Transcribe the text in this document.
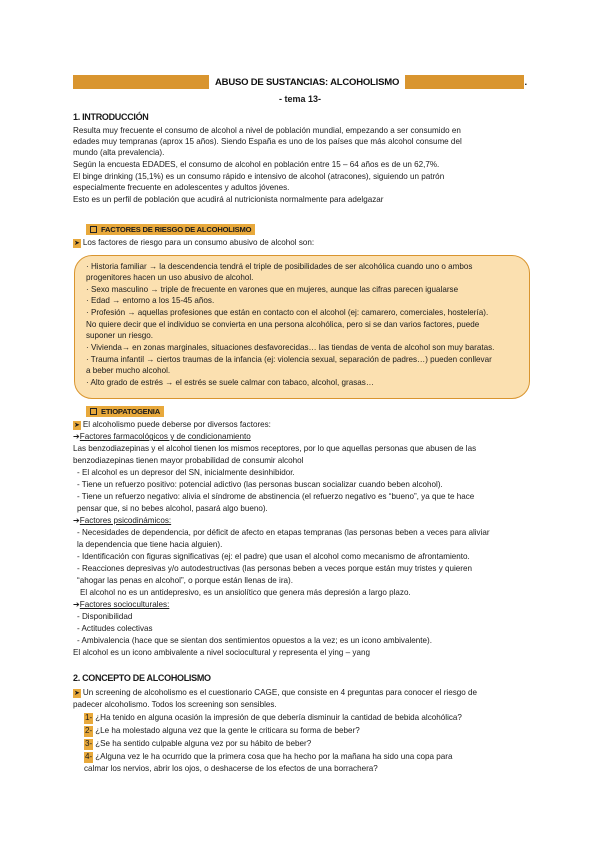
ABUSO DE SUSTANCIAS: ALCOHOLISMO	.
- tema 13-
1. INTRODUCCIÓN
Resulta muy frecuente el consumo de alcohol a nivel de población mundial, empezando a ser consumido en
edades muy tempranas (aprox 15 años). Siendo España es uno de los países que más alcohol consume del
mundo (alta prevalencia).
Según la encuesta EDADES, el consumo de alcohol en población entre 15 – 64 años es de un 62,7%.
El binge drinking (15,1%) es un consumo rápido e intensivo de alcohol (atracones), siguiendo un patrón
especialmente frecuente en adolescentes y adultos jóvenes.
Esto es un perfil de población que acudirá al nutricionista normalmente para adelgazar
FACTORES DE RIESGO DE ALCOHOLISMO
➤ Los factores de riesgo para un consumo abusivo de alcohol son:
· Historia familiar → la descendencia tendrá el triple de posibilidades de ser alcohólica cuando uno o ambos
progenitores hacen un uso abusivo de alcohol.
· Sexo masculino → triple de frecuente en varones que en mujeres, aunque las cifras parecen igualarse
· Edad → entorno a los 15-45 años.
· Profesión → aquellas profesiones que están en contacto con el alcohol (ej: camarero, comerciales, hostelería).
No quiere decir que el individuo se convierta en una persona alcohólica, pero si se dan varios factores, puede
suponer un riesgo.
· Vivienda→ en zonas marginales, situaciones desfavorecidas… las tiendas de venta de alcohol son muy baratas.
· Trauma infantil → ciertos traumas de la infancia (ej: violencia sexual, separación de padres…) pueden conllevar
a beber mucho alcohol.
· Alto grado de estrés → el estrés se suele calmar con tabaco, alcohol, grasas…
ETIOPATOGENIA
➤ El alcoholismo puede deberse por diversos factores:
➔Factores farmacológicos y de condicionamiento
Las benzodiazepinas y el alcohol tienen los mismos receptores, por lo que aquellas personas que abusen de las
benzodiazepinas tienen mayor probabilidad de consumir alcohol
- El alcohol es un depresor del SN, inicialmente desinhibidor.
- Tiene un refuerzo positivo: potencial adictivo (las personas buscan socializar cuando beben alcohol).
- Tiene un refuerzo negativo: alivia el síndrome de abstinencia (el refuerzo negativo es “bueno”, ya que te hace
pensar que, si no bebes alcohol, pasará algo bueno).
➔Factores psicodinámicos:
- Necesidades de dependencia, por déficit de afecto en etapas tempranas (las personas beben a veces para aliviar
la dependencia que tiene hacia alguien).
- Identificación con figuras significativas (ej: el padre) que usan el alcohol como mecanismo de afrontamiento.
- Reacciones depresivas y/o autodestructivas (las personas beben a veces porque están muy tristes y quieren
“ahogar las penas en alcohol”, o porque están llenas de ira).
El alcohol no es un antidepresivo, es un ansiolítico que genera más depresión a largo plazo.
➔Factores socioculturales:
- Disponibilidad
- Actitudes colectivas
- Ambivalencia (hace que se sientan dos sentimientos opuestos a la vez; es un icono ambivalente).
El alcohol es un icono ambivalente a nivel sociocultural y representa el ying – yang
2. CONCEPTO DE ALCOHOLISMO
➤ Un screening de alcoholismo es el cuestionario CAGE, que consiste en 4 preguntas para conocer el riesgo de
padecer alcoholismo. Todos los screening son sensibles.
1- ¿Ha tenido en alguna ocasión la impresión de que debería disminuir la cantidad de bebida alcohólica?
2- ¿Le ha molestado alguna vez que la gente le criticara su forma de beber?
3- ¿Se ha sentido culpable alguna vez por su hábito de beber?
4- ¿Alguna vez le ha ocurrido que la primera cosa que ha hecho por la mañana ha sido una copa para
calmar los nervios, abrir los ojos, o deshacerse de los efectos de una borrachera?
